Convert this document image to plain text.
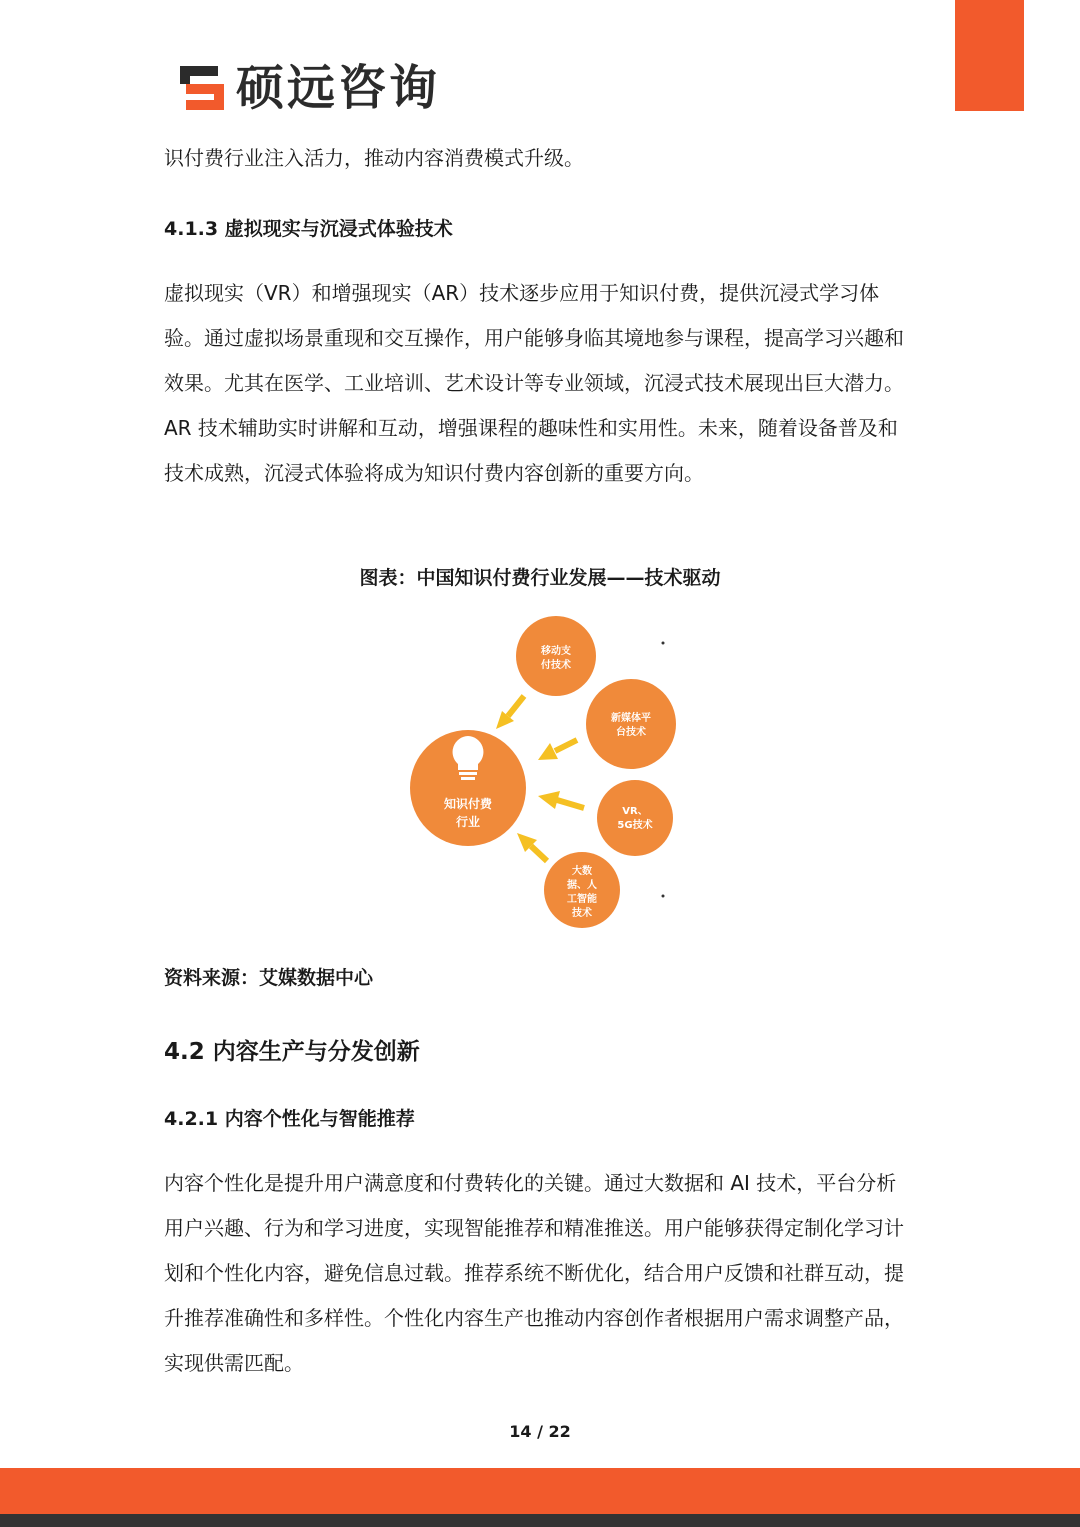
硕远咨询

识付费行业注入活力，推动内容消费模式升级。

4.1.3 虚拟现实与沉浸式体验技术

虚拟现实（VR）和增强现实（AR）技术逐步应用于知识付费，提供沉浸式学习体验。通过虚拟场景重现和交互操作，用户能够身临其境地参与课程，提高学习兴趣和效果。尤其在医学、工业培训、艺术设计等专业领域，沉浸式技术展现出巨大潜力。AR 技术辅助实时讲解和互动，增强课程的趣味性和实用性。未来，随着设备普及和技术成熟，沉浸式体验将成为知识付费内容创新的重要方向。

图表：中国知识付费行业发展——技术驱动
知识付费
行业
移动支
付技术
新媒体平
台技术
VR、
5G技术
大数
据、人
工智能
技术
资料来源：艾媒数据中心
4.2 内容生产与分发创新
4.2.1 内容个性化与智能推荐

内容个性化是提升用户满意度和付费转化的关键。通过大数据和 AI 技术，平台分析用户兴趣、行为和学习进度，实现智能推荐和精准推送。用户能够获得定制化学习计划和个性化内容，避免信息过载。推荐系统不断优化，结合用户反馈和社群互动，提升推荐准确性和多样性。个性化内容生产也推动内容创作者根据用户需求调整产品，实现供需匹配。

14 / 22
